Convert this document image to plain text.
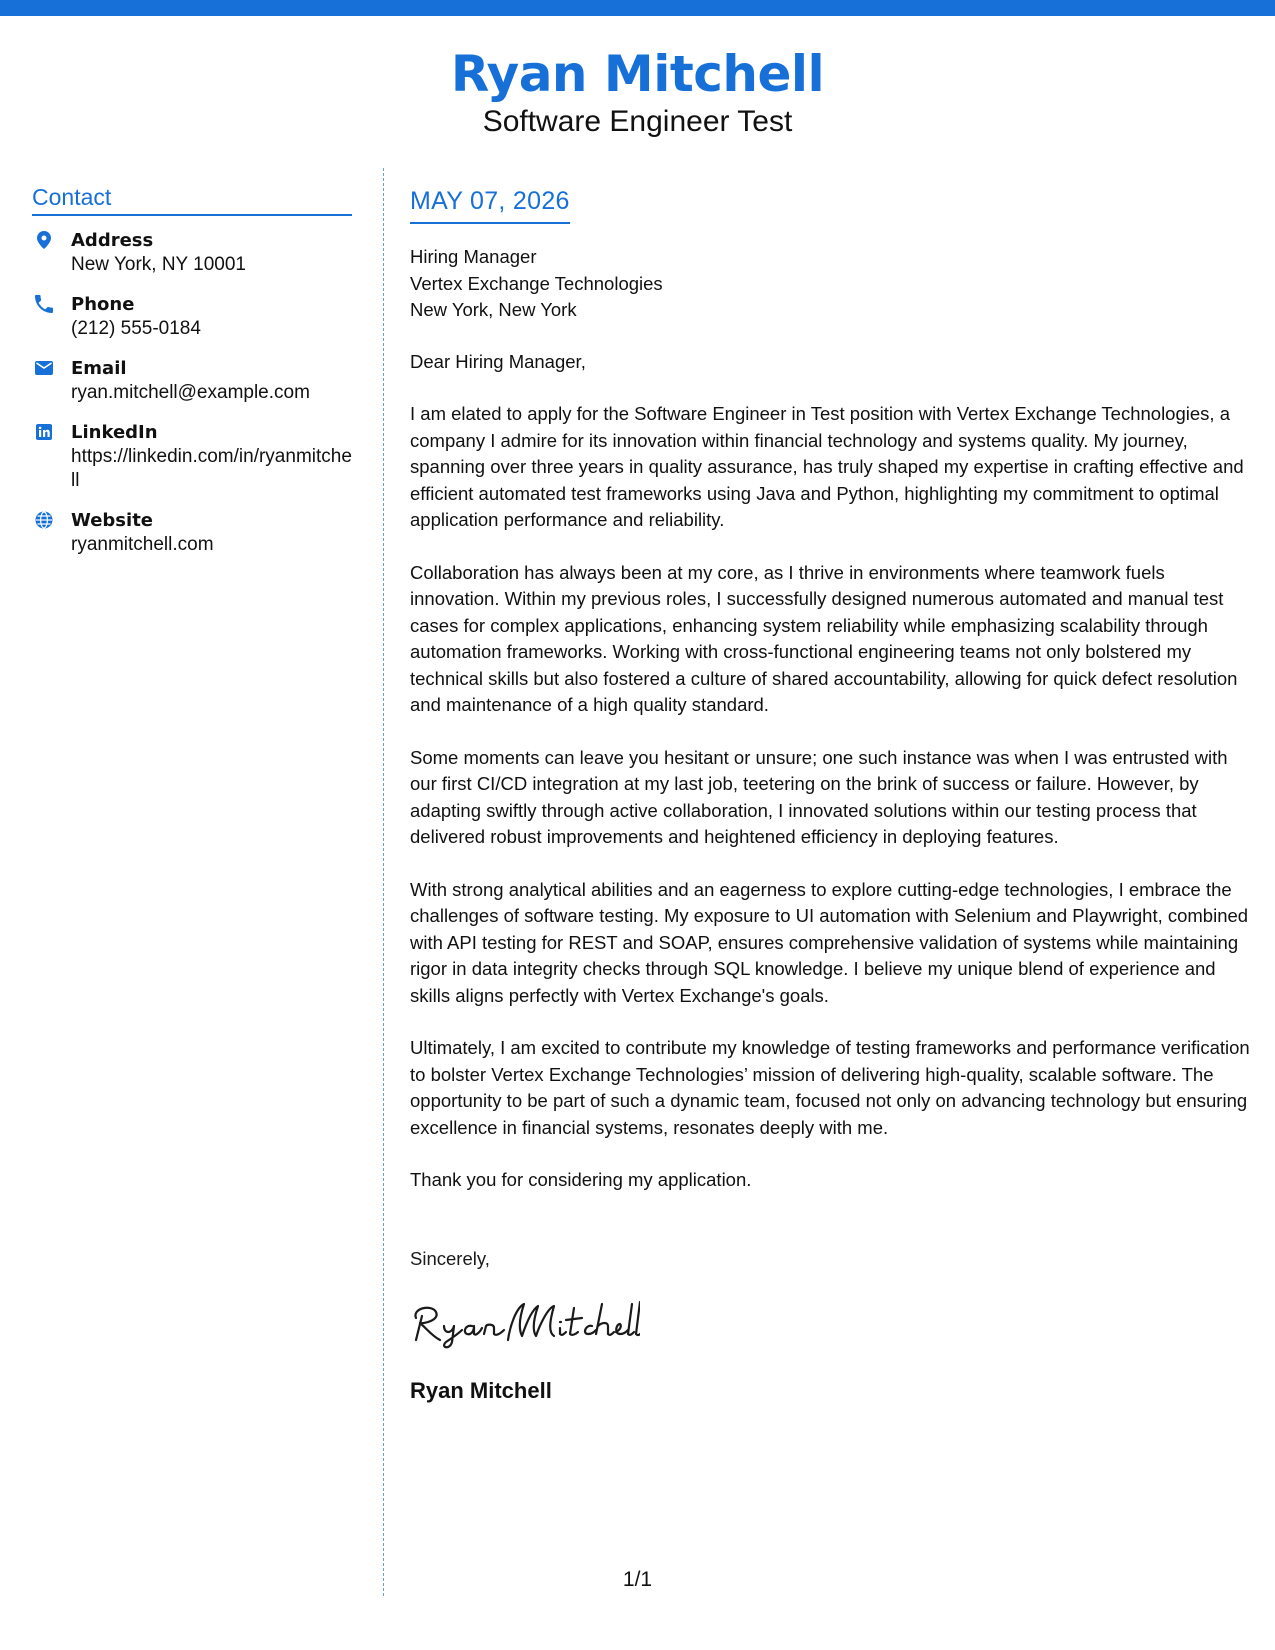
Ryan Mitchell
Software Engineer Test
Contact
Address
New York, NY 10001
Phone
(212) 555-0184
Email
ryan.mitchell@example.com
LinkedIn
https://linkedin.com/in/ryanmitchell
Website
ryanmitchell.com
MAY 07, 2026
Hiring Manager
Vertex Exchange Technologies
New York, New York
Dear Hiring Manager,

I am elated to apply for the Software Engineer in Test position with Vertex Exchange Technologies, a company I admire for its innovation within financial technology and systems quality. My journey, spanning over three years in quality assurance, has truly shaped my expertise in crafting effective and efficient automated test frameworks using Java and Python, highlighting my commitment to optimal application performance and reliability.

Collaboration has always been at my core, as I thrive in environments where teamwork fuels innovation. Within my previous roles, I successfully designed numerous automated and manual test cases for complex applications, enhancing system reliability while emphasizing scalability through automation frameworks. Working with cross-functional engineering teams not only bolstered my technical skills but also fostered a culture of shared accountability, allowing for quick defect resolution and maintenance of a high quality standard.

Some moments can leave you hesitant or unsure; one such instance was when I was entrusted with our first CI/CD integration at my last job, teetering on the brink of success or failure. However, by adapting swiftly through active collaboration, I innovated solutions within our testing process that delivered robust improvements and heightened efficiency in deploying features.

With strong analytical abilities and an eagerness to explore cutting-edge technologies, I embrace the challenges of software testing. My exposure to UI automation with Selenium and Playwright, combined with API testing for REST and SOAP, ensures comprehensive validation of systems while maintaining rigor in data integrity checks through SQL knowledge. I believe my unique blend of experience and skills aligns perfectly with Vertex Exchange's goals.

Ultimately, I am excited to contribute my knowledge of testing frameworks and performance verification to bolster Vertex Exchange Technologies’ mission of delivering high-quality, scalable software. The opportunity to be part of such a dynamic team, focused not only on advancing technology but ensuring excellence in financial systems, resonates deeply with me.

Thank you for considering my application.

Sincerely,
Ryan Mitchell
1/1
